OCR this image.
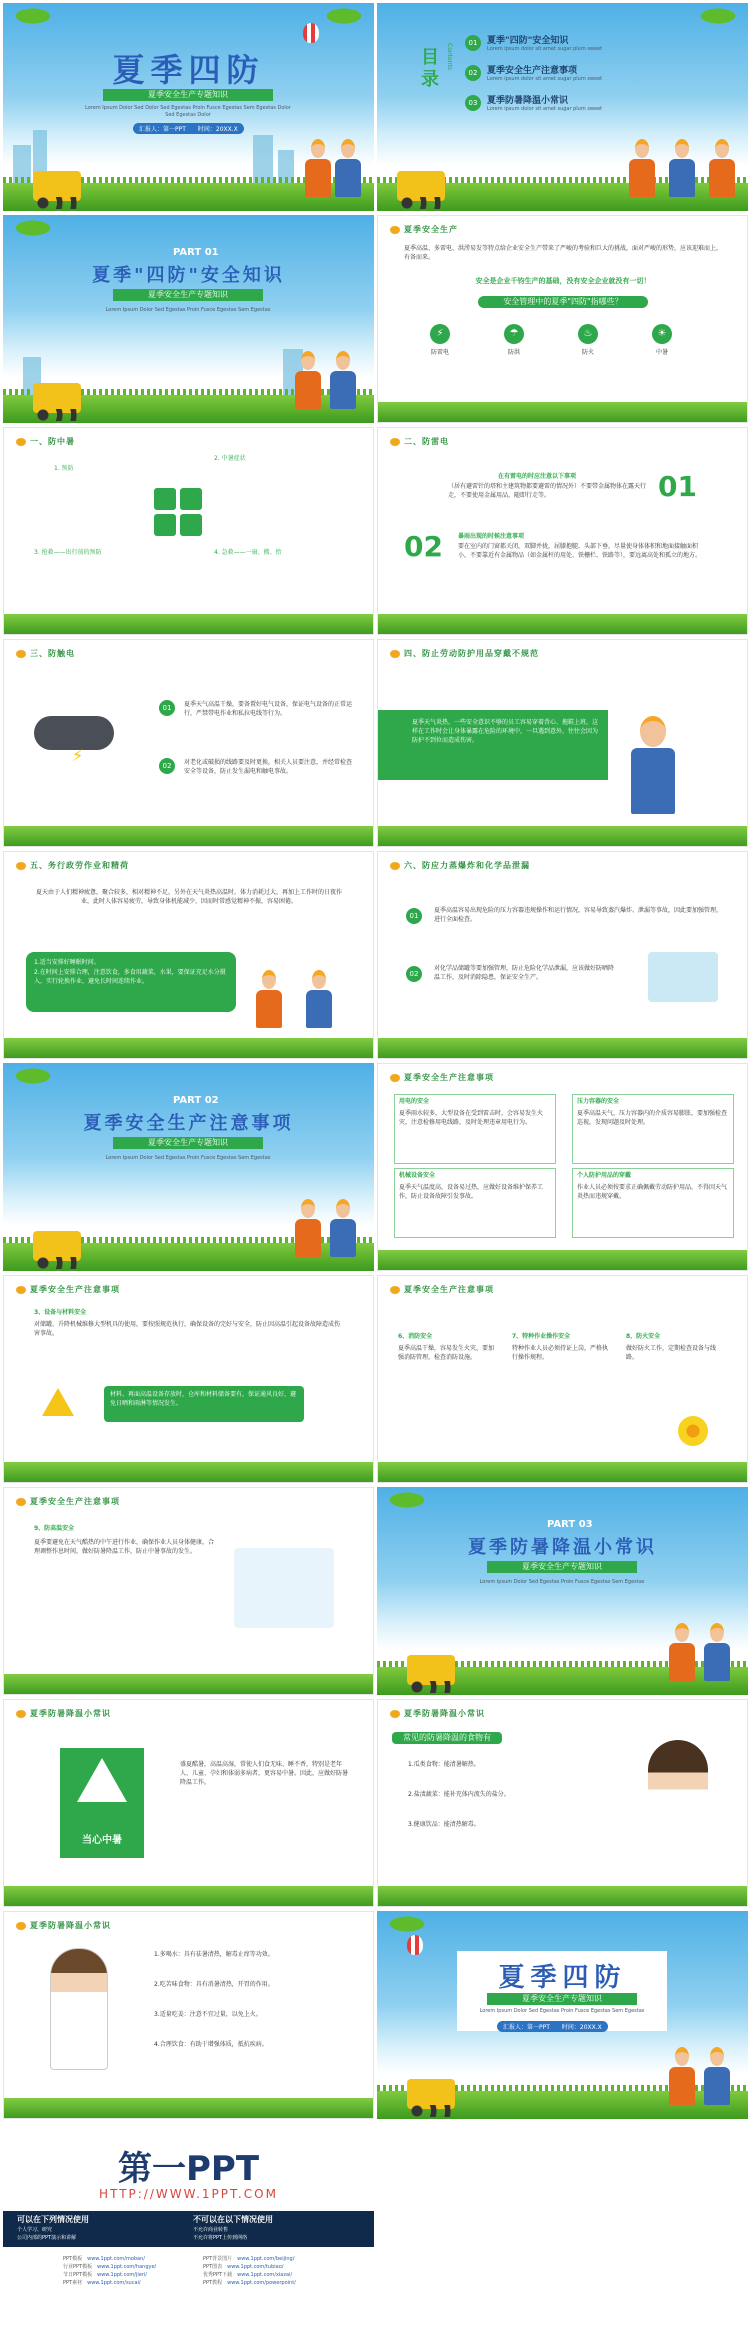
夏季四防
夏季安全生产专题知识
Lorem Ipsum Dolor Sed Dolor Sed Egestas Proin Fusce Egestas Sem Egestas Dolor Sed Egestas Dolor
汇报人：第一PPT　　时间：20XX.X
目录
Contents	01	夏季"四防"安全知识
Lorem ipsum dolor sit amet sugar plum sweet
02	夏季安全生产注意事项
Lorem ipsum dolor sit amet sugar plum sweet
03	夏季防暑降温小常识
Lorem ipsum dolor sit amet sugar plum sweet
PART 01
夏季"四防"安全知识
夏季安全生产专题知识
Lorem Ipsum Dolor Sed Egestas Proin Fusce Egestas Sem Egestas
夏季安全生产
夏季高温、多雷电、洪涝易发等特点给企业安全生产带来了严峻的考验和巨大的挑战，面对严峻的形势，应该迎难而上，有备而来。
安全是企业千钧生产的基础，没有安全企业就没有一切！
安全管理中的夏季"四防"指哪些？
⚡	☂	♨	☀
防雷电	防洪	防火	中暑
一、防中暑
1. 预防
2. 中暑症状
3. 抢救——出行前的预防	4. 急救——一扇、搬、抬
二、防雷电
在有雷电的时应注意以下事项
（居有避雷针的塔和主建筑物都要避雷的情况外）不要带金属物体在露天行走，不要使用金属用品，随即行走等。	01
02	暴雨出现的时候注意事项
要在室内的门窗都关闭，双脚并拢，屈膝抱腿，头部下垂，尽量使身体体积和地面接触面积小，不要靠近有金属物品（如金属杆的用处、铁栅栏、铁路等），要远离高处和孤立的地方。
三、防触电
⚡
01	夏季天气高温干燥，要备置好电气设备，保证电气设备的正常运行，严禁带电作业和私拉电线等行为。
02	对老化或破损的线路要及时更换，相关人员要注意，并经常检查安全等设备，防止发生漏电和触电事故。
四、防止劳动防护用品穿戴不规范
夏季天气炎热，一些安全意识不够的员工容易穿着背心、拖鞋上班，这样在工作时会让身体暴露在危险的环境中，一旦遇到意外，往往会因为防护不到位而造成伤害。
五、务行政劳作业和精荷
夏天由于人们精神疲惫，聚合较多，相对精神不足，另外在天气炎热高温时，体力消耗过大，再加上工作时的日夜作业，此时人体容易疲劳，导致身体机能减少，因而时常感觉精神不振，容易困倦。
1.适当安排好睡眠时间。
2.在时间上安排合理，注意饮食，多食用蔬菜，水果，要保证充足水分摄入，实行轮换作业，避免长时间连续作业。
六、防应力蒸爆炸和化学品泄漏
01
夏季高温容易出现危险的压力容器违规操作和运行情况，容易导致蒸汽爆炸、泄漏等事故，因此要加强管理，进行全面检查。
02
对化学品储罐等要加强管理，防止危险化学品泄漏，应该做好防晒降温工作，及时消除隐患，保证安全生产。
PART 02
夏季安全生产注意事项
夏季安全生产专题知识
Lorem Ipsum Dolor Sed Egestas Proin Fusce Egestas Sem Egestas
夏季安全生产注意事项
用电的安全
夏季雨水较多，大型设备在受到雷击时，会容易发生火灾，注意检修用电线路，及时处理违章用电行为。
压力容器的安全
夏季高温天气，压力容器内的介质容易膨胀，要加强检查巡视，发现问题及时处理。
机械设备安全
夏季天气温度高，设备易过热，应做好设备维护保养工作，防止设备故障引发事故。
个人防护用品的穿戴
作业人员必须按要求正确佩戴劳动防护用品，不得因天气炎热而违规穿戴。
夏季安全生产注意事项
3、设备与材料安全
对储罐、升降机械维修大型机具的使用，要按照规范执行，确保设备的完好与安全，防止因高温引起设备故障造成伤害事故。
材料、再面高温设备存放时，仓库和材料储备要有，保证通风良好，避免日晒和雨淋等情况发生。
夏季安全生产注意事项
6、消防安全
夏季高温干燥，容易发生火灾，要加强消防管理，检查消防设施。
7、特种作业操作安全
特种作业人员必须持证上岗，严格执行操作规程。
8、防火安全
做好防火工作，定期检查设备与线路。
夏季安全生产注意事项
9、防高温安全
夏季要避免在天气酷热的中午进行作业，确保作业人员身体健康，合理调整作息时间，做好防暑降温工作，防止中暑事故的发生。
PART 03
夏季防暑降温小常识
夏季安全生产专题知识
Lorem Ipsum Dolor Sed Egestas Proin Fusce Egestas Sem Egestas
夏季防暑降温小常识
当心中暑
盛夏酷暑，高温高湿，常使人们食无味、睡不香，特别是老年人、儿童、孕妇和体弱多病者，更容易中暑。因此，应做好防暑降温工作。
夏季防暑降温小常识
常见的防暑降温的食物有
1.瓜类食物：能清暑解热。
2.盐渍蔬菜：能补充体内流失的盐分。
3.健康饮品：能清热解毒。
夏季防暑降温小常识
1.多喝水：具有祛暑清热，解毒止痒等功效。
2.吃苦味食物：具有消暑清热，开胃的作用。
3.适量吃姜：注意不宜过量，以免上火。
4.合理饮食：有助于增强体质，抵抗疾病。
夏季四防
夏季安全生产专题知识
Lorem Ipsum Dolor Sed Egestas Proin Fusce Egestas Sem Egestas
汇报人：第一PPT　　时间：20XX.X
第一PPT
HTTP://WWW.1PPT.COM
可以在下列情况使用
个人学习、研究
公司内部的PPT演示和讲解
不可以在以下情况使用
不允许商业转售
不允许将PPT上传到网络
PPT模板　 www.1ppt.com/moban/
行业PPT模板　 www.1ppt.com/hangye/
节日PPT模板　 www.1ppt.com/jieri/
PPT素材　 www.1ppt.com/sucai/
PPT背景图片　 www.1ppt.com/beijing/
PPT图表　 www.1ppt.com/tubiao/
优秀PPT下载　 www.1ppt.com/xiazai/
PPT教程　 www.1ppt.com/powerpoint/
